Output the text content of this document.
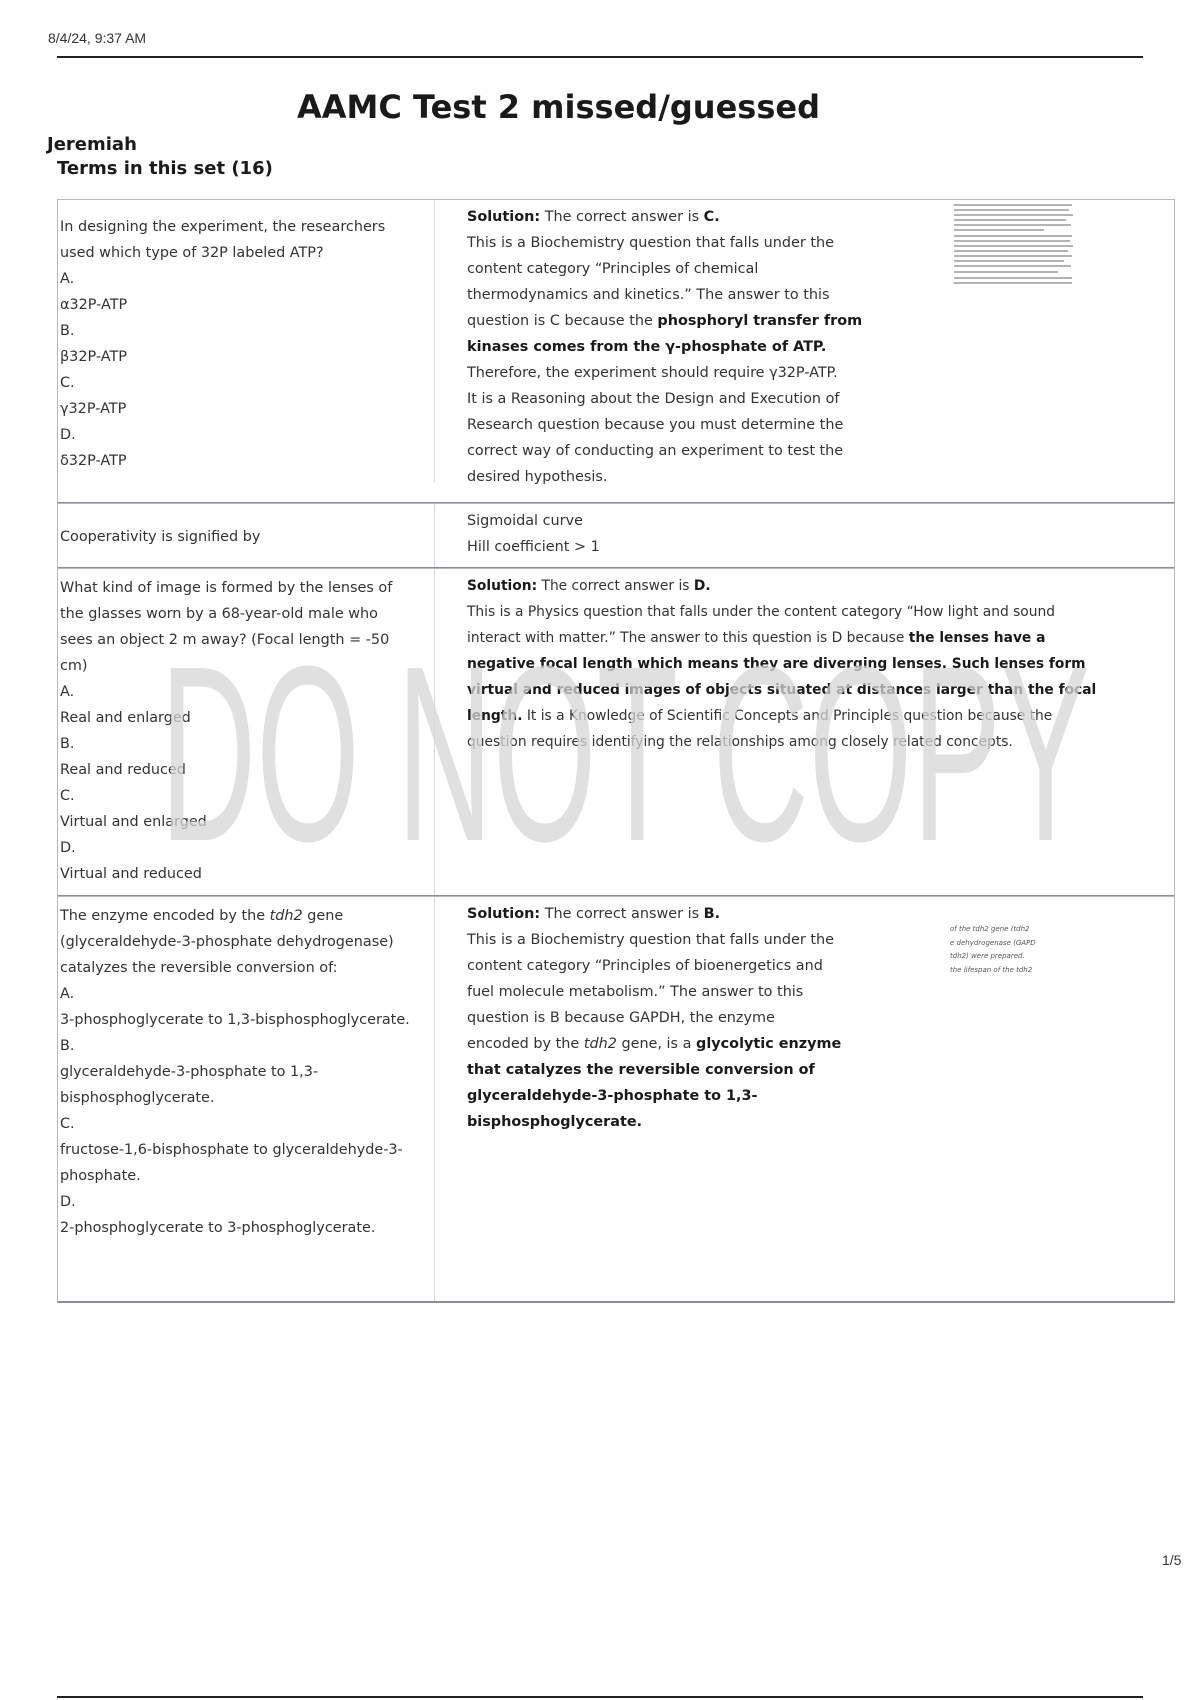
8/4/24, 9:37 AM
AAMC Test 2 missed/guessed
Jeremiah
Terms in this set (16)
In designing the experiment, the researchers used which type of 32P labeled ATP?
A.
α32P-ATP
B.
β32P-ATP
C.
γ32P-ATP
D.
δ32P-ATP
Solution: The correct answer is C.
This is a Biochemistry question that falls under the
content category “Principles of chemical
thermodynamics and kinetics.” The answer to this
question is C because the phosphoryl transfer from
kinases comes from the γ-phosphate of ATP.
Therefore, the experiment should require γ32P-ATP.
It is a Reasoning about the Design and Execution of
Research question because you must determine the
correct way of conducting an experiment to test the
desired hypothesis.
Cooperativity is signified by
Sigmoidal curve
Hill coefficient > 1
What kind of image is formed by the lenses of the glasses worn by a 68-year-old male who sees an object 2 m away? (Focal length = -50 cm)
A.
Real and enlarged
B.
Real and reduced
C.
Virtual and enlarged
D.
Virtual and reduced
Solution: The correct answer is D.
This is a Physics question that falls under the content category “How light and sound
interact with matter.” The answer to this question is D because the lenses have a
negative focal length which means they are diverging lenses. Such lenses form
virtual and reduced images of objects situated at distances larger than the focal
length. It is a Knowledge of Scientific Concepts and Principles question because the
question requires identifying the relationships among closely related concepts.
The enzyme encoded by the tdh2 gene (glyceraldehyde-3-phosphate dehydrogenase) catalyzes the reversible conversion of:
A.
3-phosphoglycerate to 1,3-bisphosphoglycerate.
B.
glyceraldehyde-3-phosphate to 1,3-bisphosphoglycerate.
C.
fructose-1,6-bisphosphate to glyceraldehyde-3-phosphate.
D.
2-phosphoglycerate to 3-phosphoglycerate.
Solution: The correct answer is B.
This is a Biochemistry question that falls under the
content category “Principles of bioenergetics and
fuel molecule metabolism.” The answer to this
question is B because GAPDH, the enzyme
encoded by the tdh2 gene, is a glycolytic enzyme
that catalyzes the reversible conversion of
glyceraldehyde-3-phosphate to 1,3-
bisphosphoglycerate.
of the tdh2 gene (tdh2
e dehydrogenase (GAPD
tdh2) were prepared.
the lifespan of the tdh2
DO NOT COPY
1/5
